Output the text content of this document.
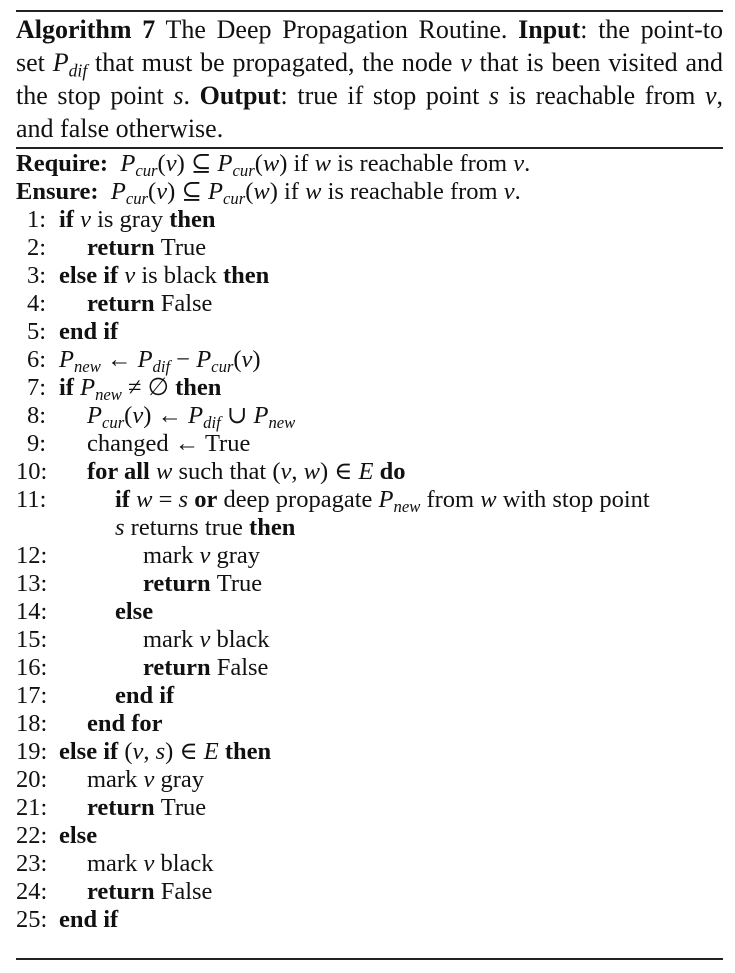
Algorithm 7 The Deep Propagation Routine. Input: the point-to set $P_{dif}$ that must be propagated, the node v that is been visited and the stop point s. Output: true if stop point s is reachable from v, and false otherwise.
Require: $P_{cur}(v)$ ⊆ $P_{cur}(w)$ if w is reachable from v.
Ensure: $P_{cur}(v)$ ⊆ $P_{cur}(w)$ if w is reachable from v.
1: if v is gray then
2: return True
3: else if v is black then
4: return False
5: end if
6: $P_{new}$ ← $P_{dif} - P_{cur}(v)$
7: if $P_{new}$ ≠ ∅ then
8: $P_{cur}(v)$ ← $P_{dif}$ ∪ $P_{new}$
9: changed ← True
10: for all w such that (v, w) ∈ E do
11:	if w = s or deep propagate $P_{new}$ from w with stop point
s returns true then
12:	mark v gray
13:	return True
14:	else
15:	mark v black
16:	return False
17:	end if
18: end for
19: else if (v, s) ∈ E then
20: mark v gray
21: return True
22: else
23: mark v black
24: return False
25: end if
